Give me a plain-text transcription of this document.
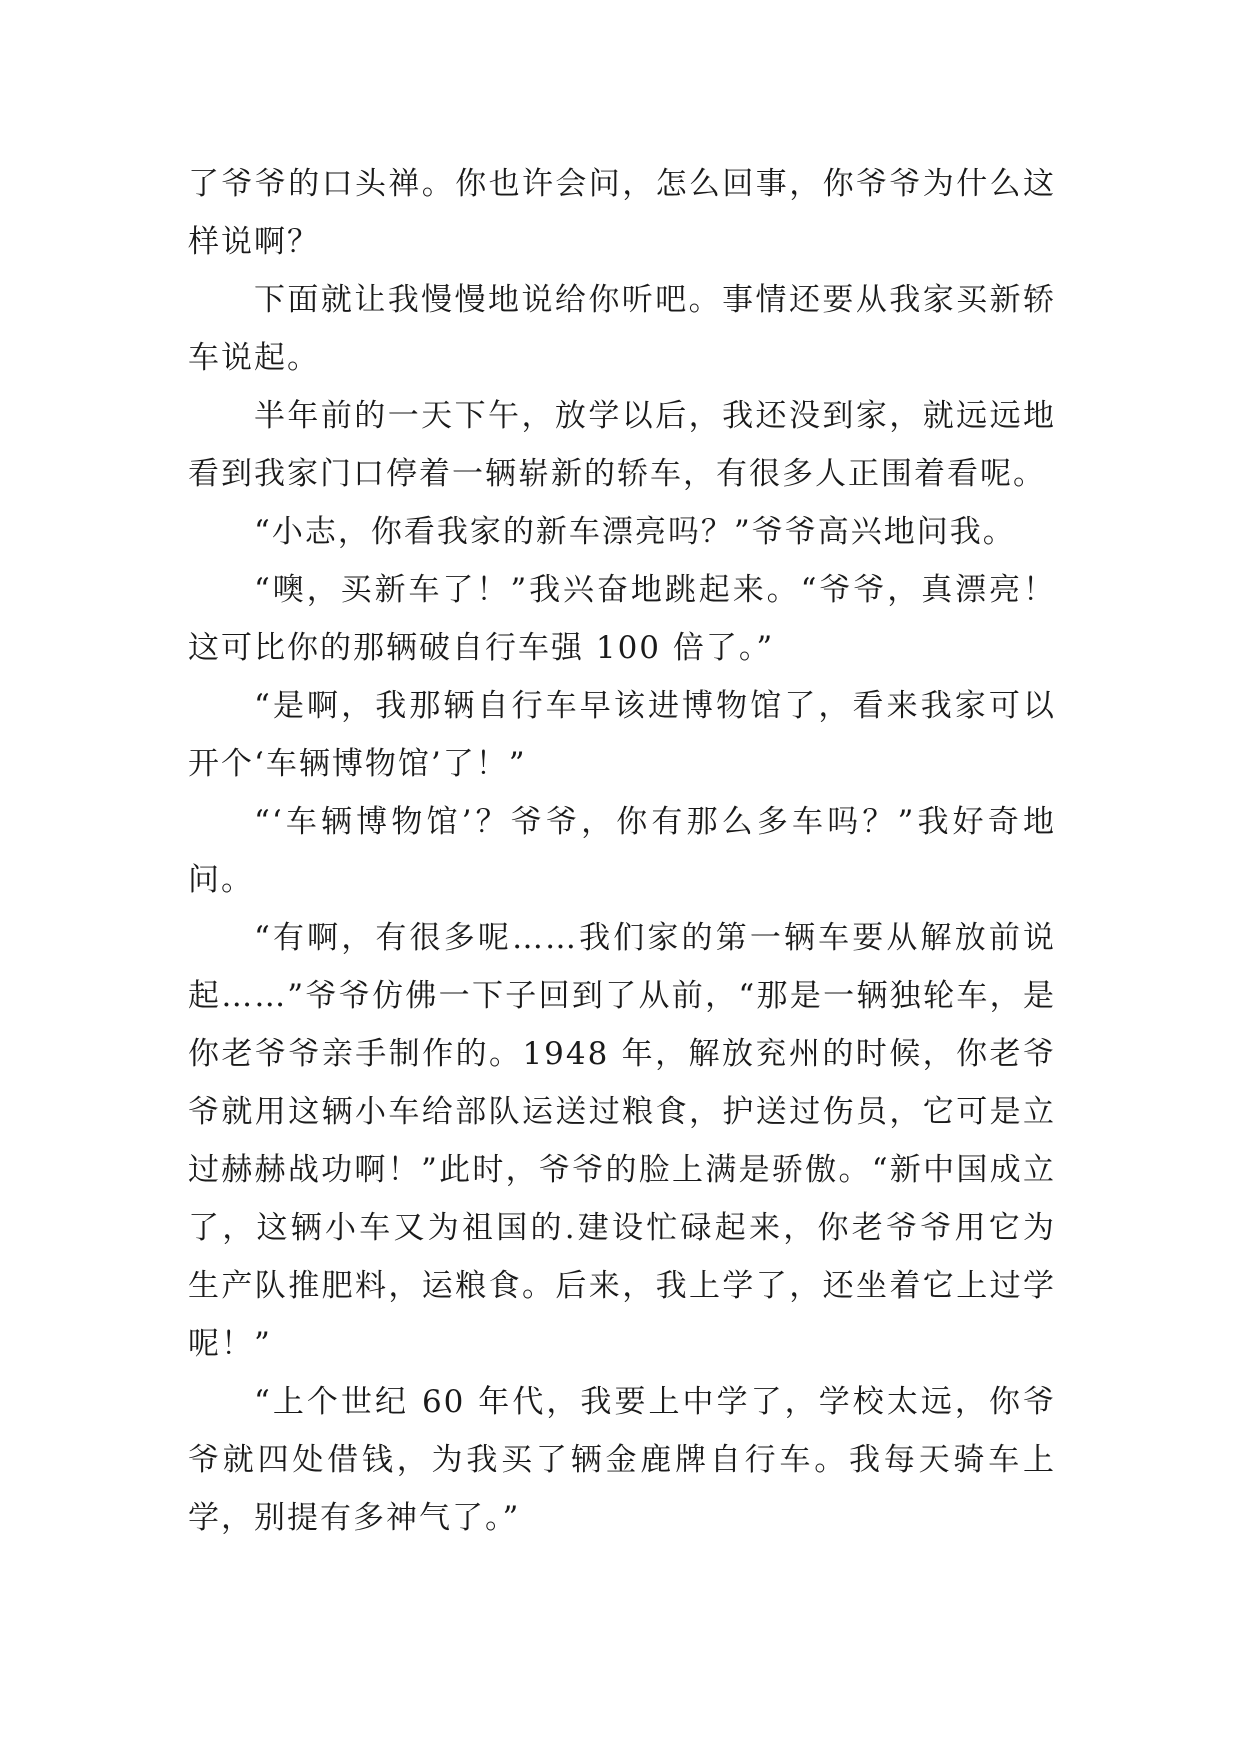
了爷爷的口头禅。你也许会问，怎么回事，你爷爷为什么这样说啊？

下面就让我慢慢地说给你听吧。事情还要从我家买新轿车说起。

半年前的一天下午，放学以后，我还没到家，就远远地看到我家门口停着一辆崭新的轿车，有很多人正围着看呢。

“小志，你看我家的新车漂亮吗？”爷爷高兴地问我。

“噢，买新车了！”我兴奋地跳起来。“爷爷，真漂亮！这可比你的那辆破自行车强 100 倍了。”

“是啊，我那辆自行车早该进博物馆了，看来我家可以开个‘车辆博物馆’了！”

“‘车辆博物馆’？爷爷，你有那么多车吗？”我好奇地问。

“有啊，有很多呢……我们家的第一辆车要从解放前说起……”爷爷仿佛一下子回到了从前，“那是一辆独轮车，是你老爷爷亲手制作的。1948 年，解放兖州的时候，你老爷爷就用这辆小车给部队运送过粮食，护送过伤员，它可是立过赫赫战功啊！”此时，爷爷的脸上满是骄傲。“新中国成立了，这辆小车又为祖国的.建设忙碌起来，你老爷爷用它为生产队推肥料，运粮食。后来，我上学了，还坐着它上过学呢！”

“上个世纪 60 年代，我要上中学了，学校太远，你爷爷就四处借钱，为我买了辆金鹿牌自行车。我每天骑车上学，别提有多神气了。”
